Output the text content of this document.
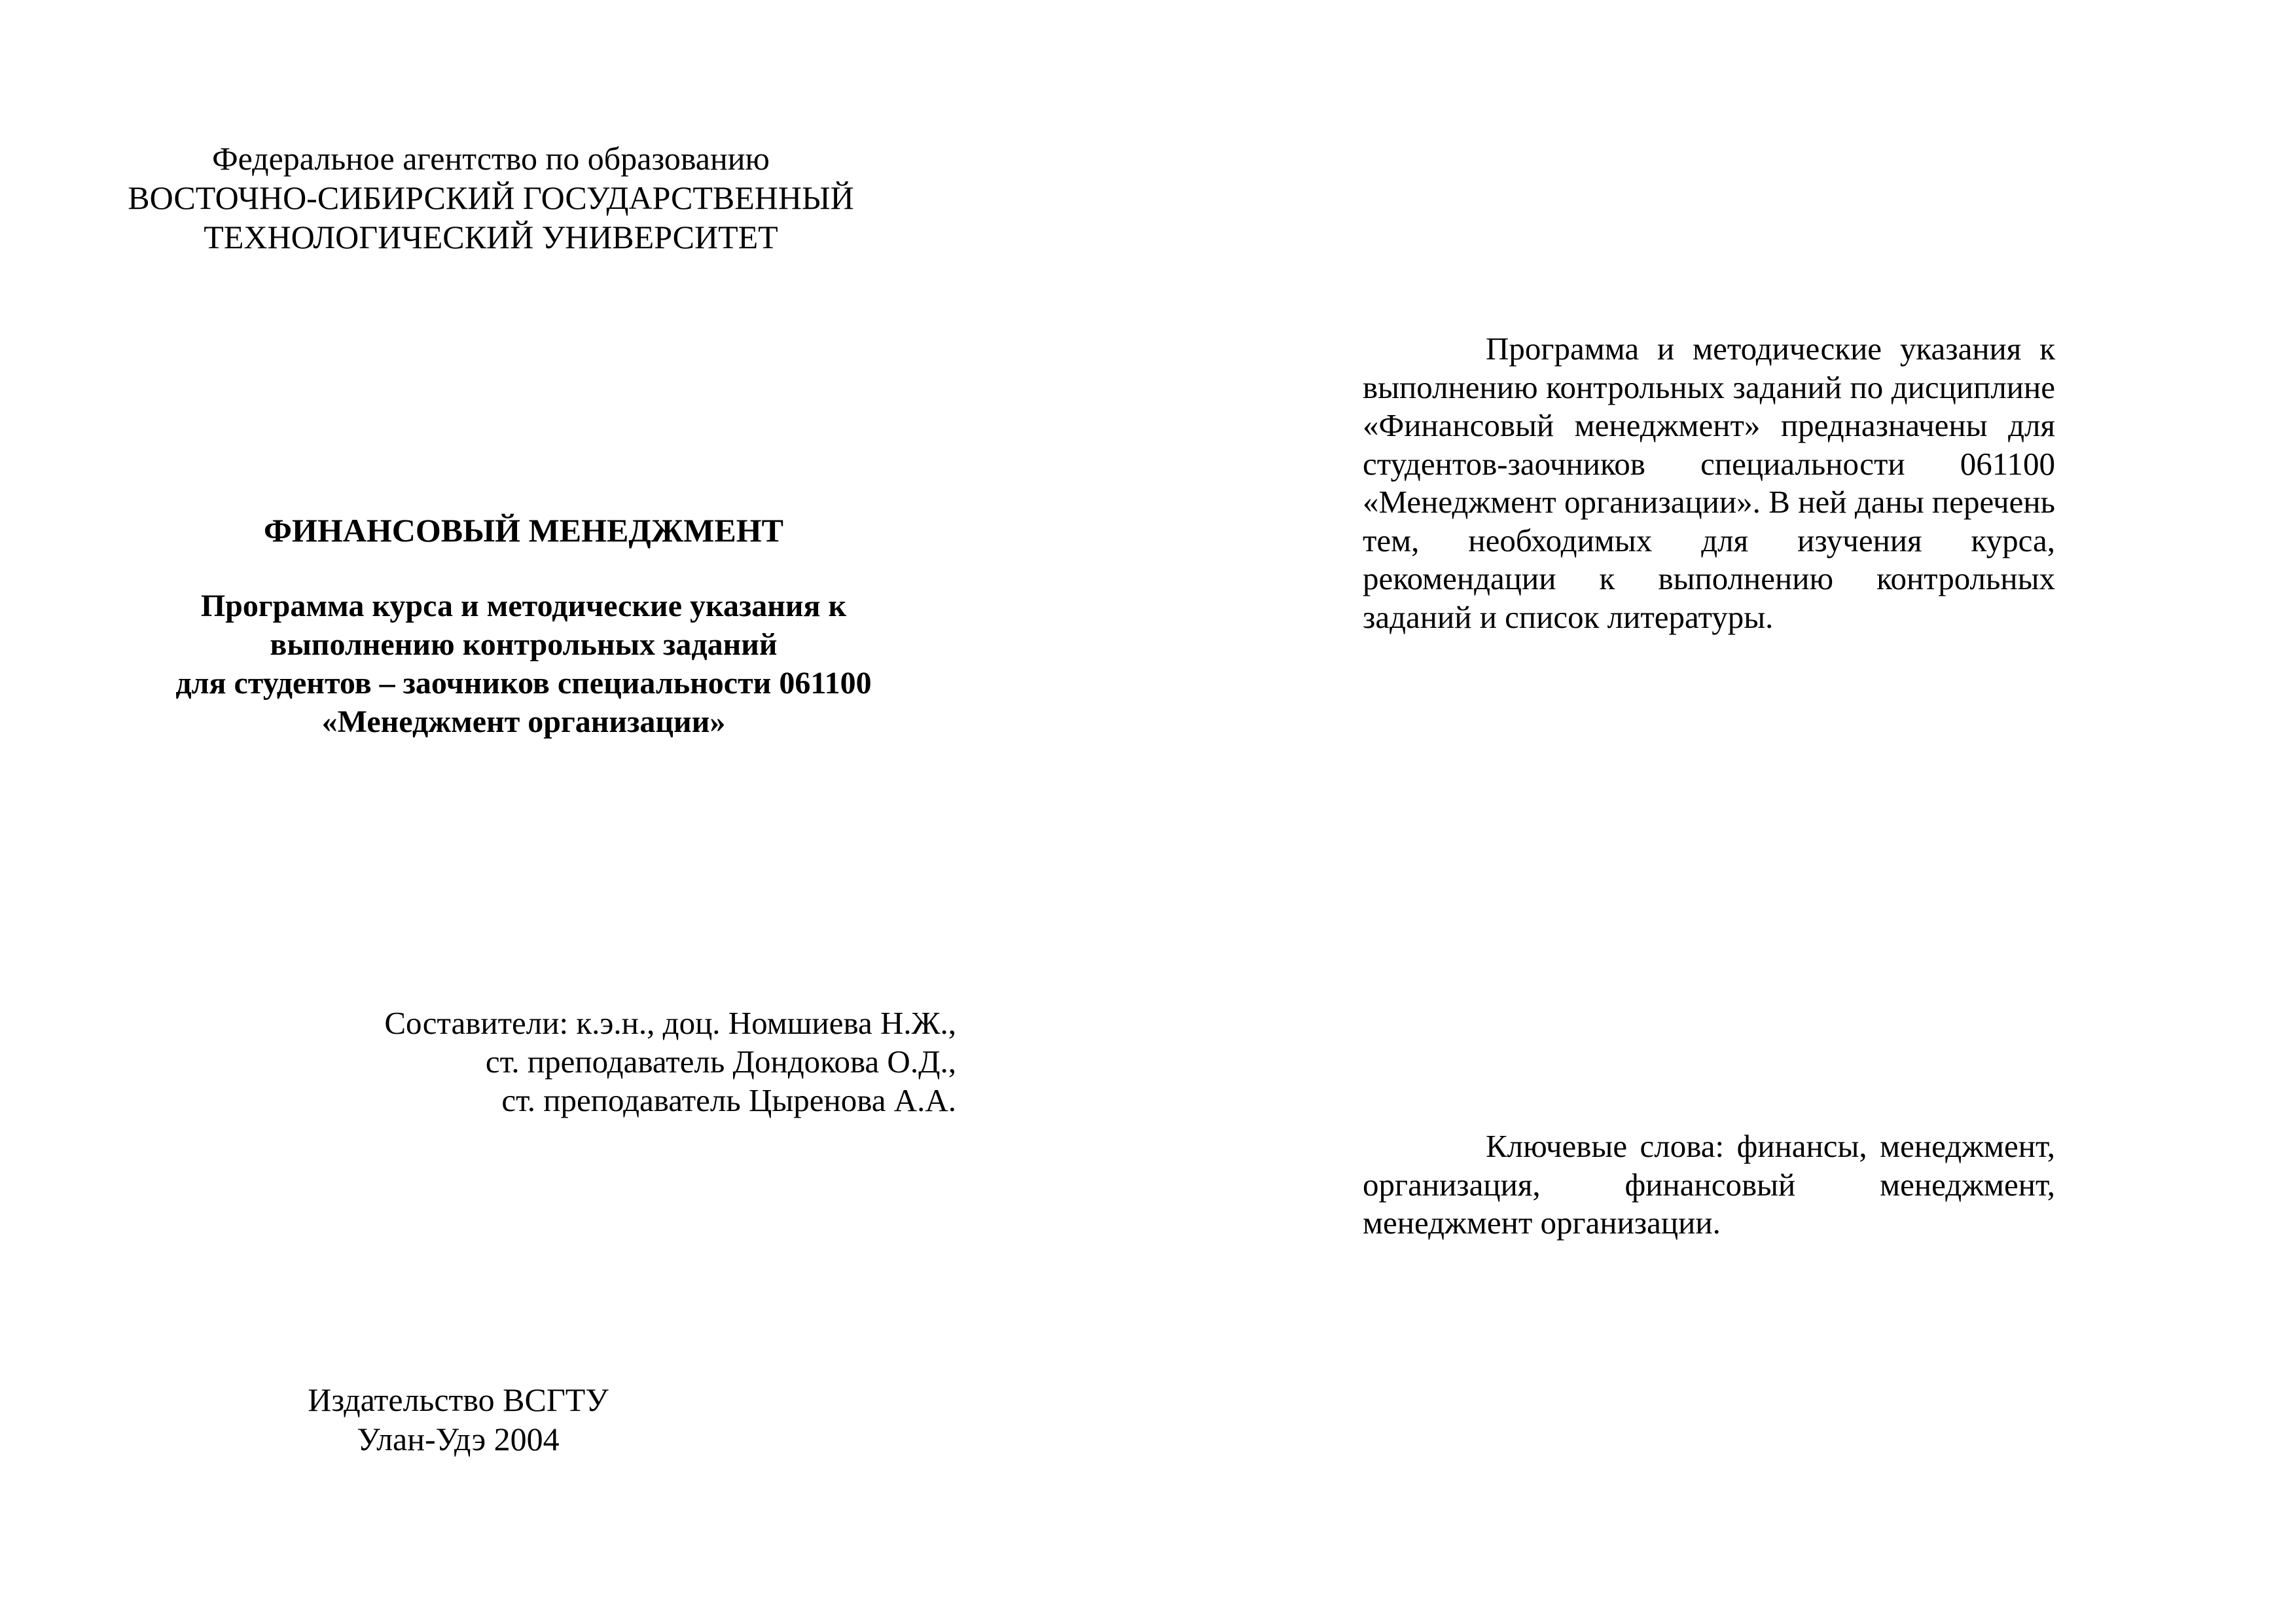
Федеральное агентство по образованию
ВОСТОЧНО-СИБИРСКИЙ ГОСУДАРСТВЕННЫЙ
ТЕХНОЛОГИЧЕСКИЙ УНИВЕРСИТЕТ
ФИНАНСОВЫЙ МЕНЕДЖМЕНТ
Программа курса и методические указания к
выполнению контрольных заданий
для студентов – заочников специальности 061100
«Менеджмент организации»
Составители: к.э.н., доц. Номшиева Н.Ж.,
ст. преподаватель Дондокова О.Д.,
ст. преподаватель Цыренова А.А.
Издательство ВСГТУ
Улан-Удэ 2004

Программа и методические указания к выполнению контрольных заданий по дисциплине «Финансовый менеджмент» предназначены для студентов-заочников специальности 061100 «Менеджмент организации». В ней даны перечень тем, необходимых для изучения курса, рекомендации к выполнению контрольных заданий и список литературы.

Ключевые слова: финансы, менеджмент, организация, финансовый менеджмент, менеджмент организации.
